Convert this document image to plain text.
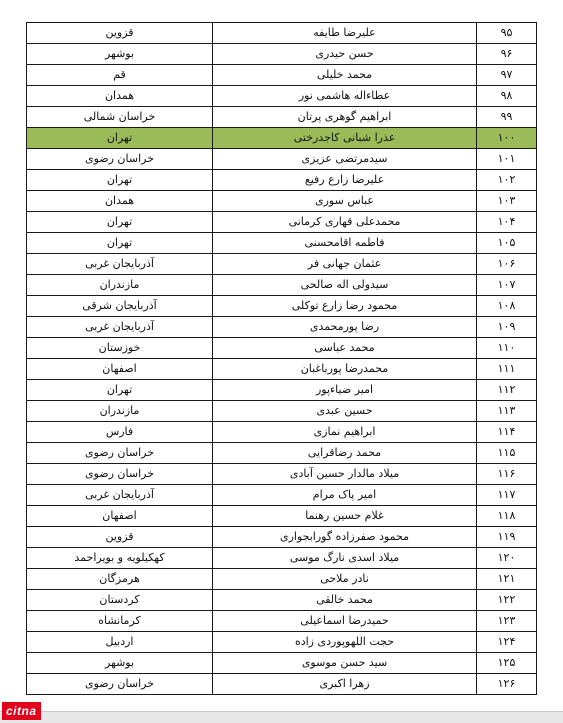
۹۵	علیرضا طایفه	قزوین
۹۶	حسن حیدری	بوشهر
۹۷	محمد خلیلی	قم
۹۸	عطاءاله هاشمی نور	همدان
۹۹	ابراهیم گوهری پرتان	خراسان شمالی
۱۰۰	عذرا شبانی کاجدرختی	تهران
۱۰۱	سیدمرتضی عزیزی	خراسان رضوی
۱۰۲	علیرضا زارع رفیع	تهران
۱۰۳	عباس سوری	همدان
۱۰۴	محمدعلی قهاری کرمانی	تهران
۱۰۵	فاطمه اقامحسنی	تهران
۱۰۶	عثمان جهانی فر	آذربایجان غربی
۱۰۷	سیدولی اله صالحی	مازندران
۱۰۸	محمود رضا زارع توکلی	آذربایجان شرقی
۱۰۹	رضا پورمحمدی	آذربایجان غربی
۱۱۰	محمد عباسی	خوزستان
۱۱۱	محمدرضا پورباغبان	اصفهان
۱۱۲	امیر ضیاءپور	تهران
۱۱۳	حسین عبدی	مازندران
۱۱۴	ابراهیم نمازی	فارس
۱۱۵	محمد رضاقرایی	خراسان رضوی
۱۱۶	میلاد مالدار حسین آبادی	خراسان رضوی
۱۱۷	امیر پاک مرام	آذربایجان غربی
۱۱۸	غلام حسین رهنما	اصفهان
۱۱۹	محمود صفرزاده گورابجواری	قزوین
۱۲۰	میلاد اسدی نارگ موسی	کهکیلویه و بویراحمد
۱۲۱	نادر ملاحی	هرمزگان
۱۲۲	محمد خالقی	کردستان
۱۲۳	حمیدرضا اسماعیلی	کرمانشاه
۱۲۴	حجت اللهوپوردی زاده	اردبیل
۱۲۵	سید حسن موسوی	بوشهر
۱۲۶	زهرا اکبری	خراسان رضوی
citna
